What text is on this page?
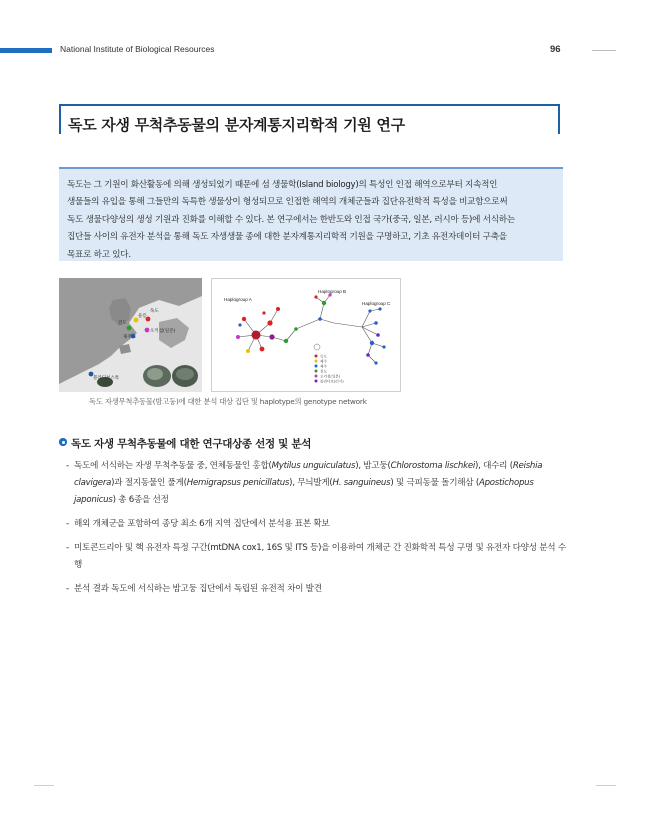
National Institute of Biological Resources	96
독도 자생 무척추동물의 분자계통지리학적 기원 연구
독도는 그 기원이 화산활동에 의해 생성되었기 때문에 섬 생물학(Island biology)의 특성인 인접 해역으로부터 지속적인
생물들의 유입을 통해 그들만의 독특한 생물상이 형성되므로 인접한 해역의 개체군들과 집단유전학적 특성을 비교함으로써
독도 생물다양성의 생성 기원과 진화를 이해할 수 있다. 본 연구에서는 한반도와 인접 국가(중국, 일본, 러시아 등)에 서식하는
집단들 사이의 유전자 분석을 통해 독도 자생생물 종에 대한 분자계통지리학적 기원을 구명하고, 기초 유전자데이터 구축을
목표로 하고 있다.
독도
울릉
진도
제주도
오키섬(일본)
블라디보스톡
Haplogroup A
Haplogroup B
Haplogroup C
독도
제주
제주
진도
오키섬(일본)
블라디보(러시)
독도 자생무척추동물(밤고둥)에 대한 분석 대상 집단 및 haplotype의 genotype network
독도 자생 무척추동물에 대한 연구대상종 선정 및 분석
- 독도에 서식하는 자생 무척추동물 중, 연체동물인 홍합(Mytilus unguiculatus), 밤고둥(Chlorostoma lischkei), 대수리 (Reishia clavigera)과 절지동물인 풀게(Hemigrapsus penicillatus), 무늬발게(H. sanguineus) 및 극피동물 돌기해삼 (Apostichopus japonicus) 총 6종을 선정
- 해외 개체군을 포함하여 종당 최소 6개 지역 집단에서 분석용 표본 확보
- 미토콘드리아 및 핵 유전자 특정 구간(mtDNA cox1, 16S 및 ITS 등)을 이용하여 개체군 간 진화학적 특성 구명 및 유전자 다양성 분석 수행
- 분석 결과 독도에 서식하는 밤고둥 집단에서 독립된 유전적 차이 발견
